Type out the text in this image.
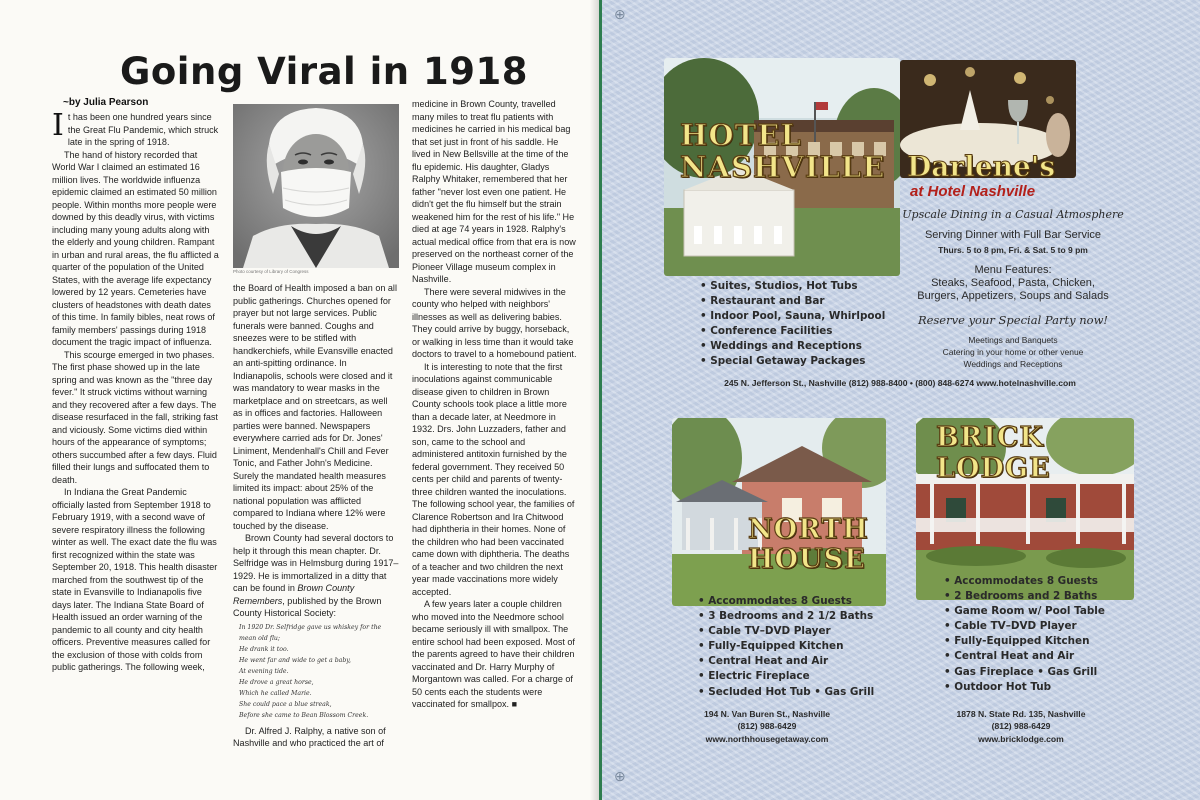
Going Viral in 1918
~by Julia Pearson

It has been one hundred years since the Great Flu Pandemic, which struck late in the spring of 1918.

The hand of history recorded that World War I claimed an estimated 16 million lives. The worldwide influenza epidemic claimed an estimated 50 million people. Within months more people were downed by this deadly virus, with victims including many young adults along with the elderly and young children. Rampant in urban and rural areas, the flu afflicted a quarter of the population of the United States, with the average life expectancy lowered by 12 years. Cemeteries have clusters of headstones with death dates of this time. In family bibles, neat rows of family members' passings during 1918 document the tragic impact of influenza.

This scourge emerged in two phases. The first phase showed up in the late spring and was known as the "three day fever." It struck victims without warning and they recovered after a few days. The disease resurfaced in the fall, striking fast and viciously. Some victims died within hours of the appearance of symptoms; others succumbed after a few days. Fluid filled their lungs and suffocated them to death.

In Indiana the Great Pandemic officially lasted from September 1918 to February 1919, with a second wave of severe respiratory illness the following winter as well. The exact date the flu was first recognized within the state was September 20, 1918. This health disaster marched from the southwest tip of the state in Evansville to Indianapolis five days later. The Indiana State Board of Health issued an order warning of the pandemic to all county and city health officers. Preventive measures called for the exclusion of those with colds from public gatherings. The following week,

Photo courtesy of Library of Congress

the Board of Health imposed a ban on all public gatherings. Churches opened for prayer but not large services. Public funerals were banned. Coughs and sneezes were to be stifled with handkerchiefs, while Evansville enacted an anti-spitting ordinance. In Indianapolis, schools were closed and it was mandatory to wear masks in the marketplace and on streetcars, as well as in offices and factories. Halloween parties were banned. Newspapers everywhere carried ads for Dr. Jones' Liniment, Mendenhall's Chill and Fever Tonic, and Father John's Medicine. Surely the mandated health measures limited its impact: about 25% of the national population was afflicted compared to Indiana where 12% were touched by the disease.

Brown County had several doctors to help it through this mean chapter. Dr. Selfridge was in Helmsburg during 1917–1929. He is immortalized in a ditty that can be found in Brown County Remembers, published by the Brown County Historical Society:

In 1920 Dr. Selfridge gave us whiskey for the mean old flu;
He drank it too.
He went far and wide to get a baby,
At evening tide.
He drove a great horse,
Which he called Marie.
She could pace a blue streak,
Before she came to Bean Blossom Creek.

Dr. Alfred J. Ralphy, a native son of Nashville and who practiced the art of

medicine in Brown County, travelled many miles to treat flu patients with medicines he carried in his medical bag that set just in front of his saddle. He lived in New Bellsville at the time of the flu epidemic. His daughter, Gladys Ralphy Whitaker, remembered that her father "never lost even one patient. He didn't get the flu himself but the strain weakened him for the rest of his life." He died at age 74 years in 1928. Ralphy's actual medical office from that era is now preserved on the northeast corner of the Pioneer Village museum complex in Nashville.

There were several midwives in the county who helped with neighbors' illnesses as well as delivering babies. They could arrive by buggy, horseback, or walking in less time than it would take doctors to travel to a homebound patient.

It is interesting to note that the first inoculations against communicable disease given to children in Brown County schools took place a little more than a decade later, at Needmore in 1932. Drs. John Luzzaders, father and son, came to the school and administered antitoxin furnished by the federal government. They received 50 cents per child and parents of twenty-three children wanted the inoculations. The following school year, the families of Clarence Robertson and Ira Chitwood had diphtheria in their homes. None of the children who had been vaccinated came down with diphtheria. The deaths of a teacher and two children the next year made vaccinations more widely accepted.

A few years later a couple children who moved into the Needmore school became seriously ill with smallpox. The entire school had been exposed. Most of the parents agreed to have their children vaccinated and Dr. Harry Murphy of Morgantown was called. For a charge of 50 cents each the students were vaccinated for smallpox. ■

⊕
⊕
HOTEL
NASHVILLE Darlene's
at Hotel Nashville
Upscale Dining in a Casual Atmosphere
Serving Dinner with Full Bar Service
Thurs. 5 to 8 pm, Fri. & Sat. 5 to 9 pm
Menu Features:
Steaks, Seafood, Pasta, Chicken,
Burgers, Appetizers, Soups and Salads
Reserve your Special Party now!
Meetings and Banquets
Catering in your home or other venue
Weddings and Receptions
• Suites, Studios, Hot Tubs
• Restaurant and Bar
• Indoor Pool, Sauna, Whirlpool
• Conference Facilities
• Weddings and Receptions
• Special Getaway Packages
245 N. Jefferson St., Nashville (812) 988-8400 • (800) 848-6274 www.hotelnashville.com
NORTH
HOUSE
• Accommodates 8 Guests
• 3 Bedrooms and 2 1/2 Baths
• Cable TV–DVD Player
• Fully-Equipped Kitchen
• Central Heat and Air
• Electric Fireplace
• Secluded Hot Tub • Gas Grill
194 N. Van Buren St., Nashville
(812) 988-6429
www.northhousegetaway.com
BRICK
LODGE
• Accommodates 8 Guests
• 2 Bedrooms and 2 Baths
• Game Room w/ Pool Table
• Cable TV–DVD Player
• Fully-Equipped Kitchen
• Central Heat and Air
• Gas Fireplace • Gas Grill
• Outdoor Hot Tub
1878 N. State Rd. 135, Nashville
(812) 988-6429
www.bricklodge.com
